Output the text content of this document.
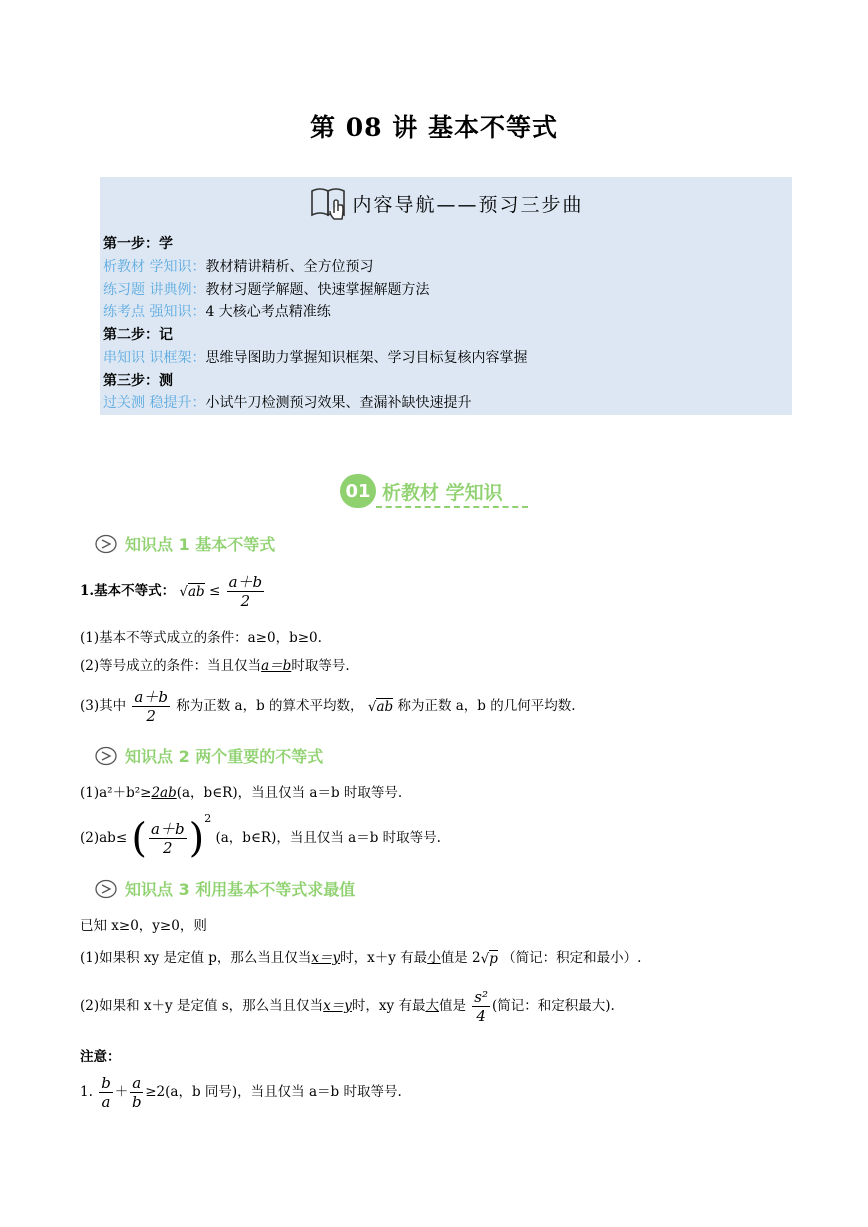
第 08 讲 基本不等式
内容导航——预习三步曲
第一步：学
析教材 学知识：教材精讲精析、全方位预习
练习题 讲典例：教材习题学解题、快速掌握解题方法
练考点 强知识：4 大核心考点精准练
第二步：记
串知识 识框架：思维导图助力掌握知识框架、学习目标复核内容掌握
第三步：测
过关测 稳提升：小试牛刀检测预习效果、查漏补缺快速提升
01 析教材 学知识
知识点 1 基本不等式
1.基本不等式： $√ab \le \frac{a+b}{2}$
(1)基本不等式成立的条件：a≥0，b≥0.
(2)等号成立的条件：当且仅当a＝b时取等号.
(3)其中 $\frac{a+b}{2}$ 称为正数 a，b 的算术平均数， √ab 称为正数 a，b 的几何平均数.
知识点 2 两个重要的不等式
(1)a²＋b²≥2ab(a，b∈R)，当且仅当 a＝b 时取等号.
(2)ab≤ ( $\frac{a+b}{2} )^2$ (a，b∈R)，当且仅当 a＝b 时取等号.
知识点 3 利用基本不等式求最值
已知 x≥0，y≥0，则
(1)如果积 xy 是定值 p，那么当且仅当x＝y时，x＋y 有最小值是 2√p （简记：积定和最小）.
(2)如果和 x＋y 是定值 s，那么当且仅当x＝y时，xy 有最大值是 $\frac{\text{s²}}{4}$ (简记：和定积最大).
注意：
1. $\frac{b}{a} + \frac{a}{b} \ge 2(a$，b 同号)，当且仅当 a＝b 时取等号.
